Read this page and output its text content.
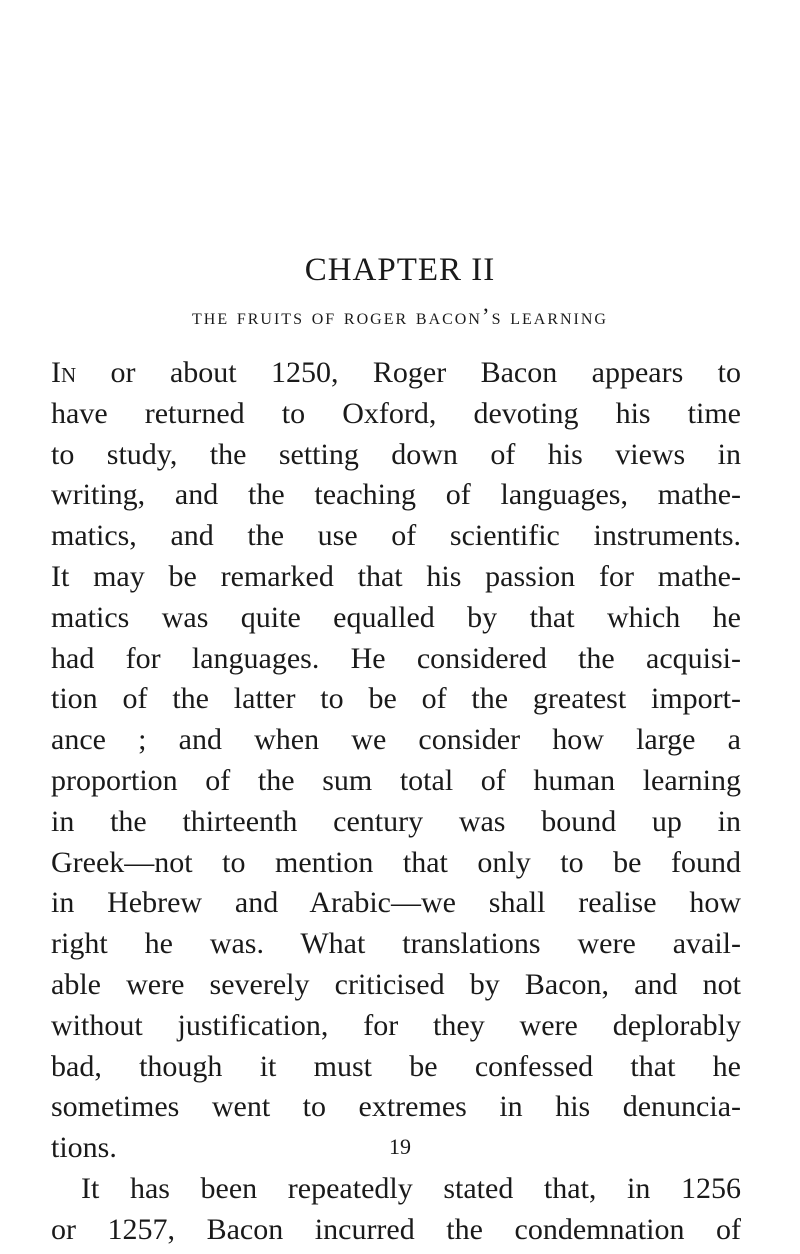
CHAPTER II
the fruits of roger bacon’s learning
In or about 1250, Roger Bacon appears to
have returned to Oxford, devoting his time
to study, the setting down of his views in
writing, and the teaching of languages, mathe-
matics, and the use of scientific instruments.
It may be remarked that his passion for mathe-
matics was quite equalled by that which he
had for languages. He considered the acquisi-
tion of the latter to be of the greatest import-
ance ; and when we consider how large a
proportion of the sum total of human learning
in the thirteenth century was bound up in
Greek—not to mention that only to be found
in Hebrew and Arabic—we shall realise how
right he was. What translations were avail-
able were severely criticised by Bacon, and not
without justification, for they were deplorably
bad, though it must be confessed that he
sometimes went to extremes in his denuncia-
tions.
It has been repeatedly stated that, in 1256
or 1257, Bacon incurred the condemnation of
19
